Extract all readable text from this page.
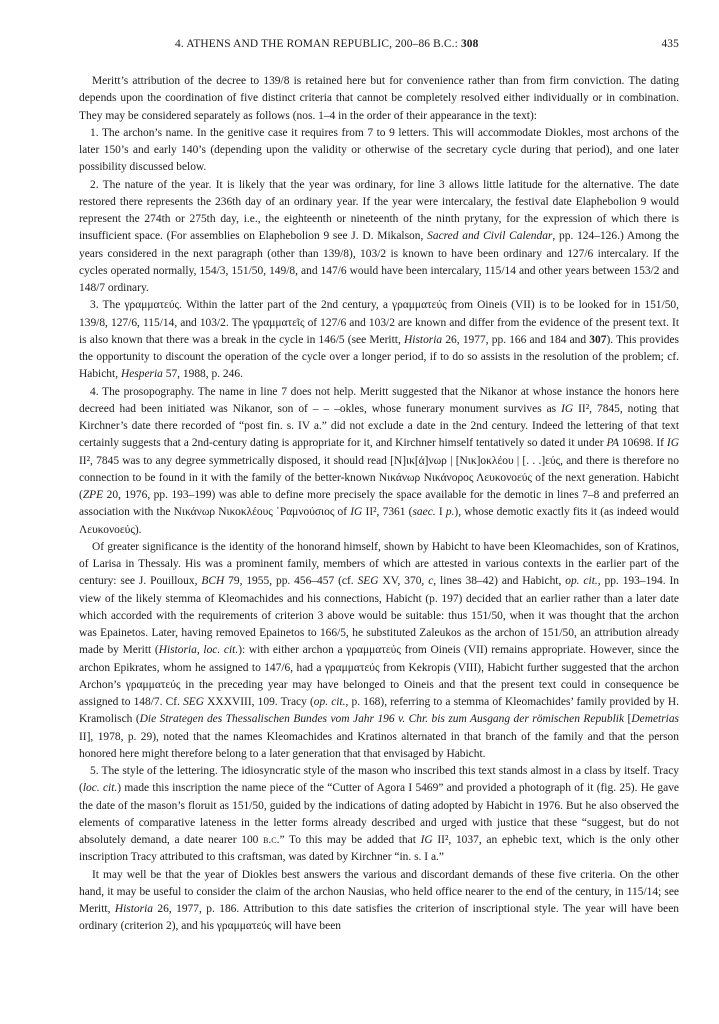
4. ATHENS AND THE ROMAN REPUBLIC, 200–86 B.C.: 308	435

Meritt’s attribution of the decree to 139/8 is retained here but for convenience rather than from firm conviction. The dating depends upon the coordination of five distinct criteria that cannot be completely resolved either individually or in combination. They may be considered separately as follows (nos. 1–4 in the order of their appearance in the text):

1. The archon’s name. In the genitive case it requires from 7 to 9 letters. This will accommodate Diokles, most archons of the later 150’s and early 140’s (depending upon the validity or otherwise of the secretary cycle during that period), and one later possibility discussed below.

2. The nature of the year. It is likely that the year was ordinary, for line 3 allows little latitude for the alternative. The date restored there represents the 236th day of an ordinary year. If the year were intercalary, the festival date Elaphebolion 9 would represent the 274th or 275th day, i.e., the eighteenth or nineteenth of the ninth prytany, for the expression of which there is insufficient space. (For assemblies on Elaphebolion 9 see J. D. Mikalson, Sacred and Civil Calendar, pp. 124–126.) Among the years considered in the next paragraph (other than 139/8), 103/2 is known to have been ordinary and 127/6 intercalary. If the cycles operated normally, 154/3, 151/50, 149/8, and 147/6 would have been intercalary, 115/14 and other years between 153/2 and 148/7 ordinary.

3. The γραμματεύς. Within the latter part of the 2nd century, a γραμματεύς from Oineis (VII) is to be looked for in 151/50, 139/8, 127/6, 115/14, and 103/2. The γραμματεῖς of 127/6 and 103/2 are known and differ from the evidence of the present text. It is also known that there was a break in the cycle in 146/5 (see Meritt, Historia 26, 1977, pp. 166 and 184 and 307). This provides the opportunity to discount the operation of the cycle over a longer period, if to do so assists in the resolution of the problem; cf. Habicht, Hesperia 57, 1988, p. 246.

4. The prosopography. The name in line 7 does not help. Meritt suggested that the Nikanor at whose instance the honors here decreed had been initiated was Nikanor, son of – – –okles, whose funerary monument survives as IG II², 7845, noting that Kirchner’s date there recorded of “post fin. s. IV a.” did not exclude a date in the 2nd century. Indeed the lettering of that text certainly suggests that a 2nd-century dating is appropriate for it, and Kirchner himself tentatively so dated it under PA 10698. If IG II², 7845 was to any degree symmetrically disposed, it should read [Ν]ικ[ά]νωρ | [Νικ]οκλέου | [. . .]εύς, and there is therefore no connection to be found in it with the family of the better-known Νικάνωρ Νικάνορος Λευκονοεύς of the next generation. Habicht (ZPE 20, 1976, pp. 193–199) was able to define more precisely the space available for the demotic in lines 7–8 and preferred an association with the Νικάνωρ Νικοκλέους ῾Ραμνούσιος of IG II², 7361 (saec. I p.), whose demotic exactly fits it (as indeed would Λευκονοεύς).

Of greater significance is the identity of the honorand himself, shown by Habicht to have been Kleomachides, son of Kratinos, of Larisa in Thessaly. His was a prominent family, members of which are attested in various contexts in the earlier part of the century: see J. Pouilloux, BCH 79, 1955, pp. 456–457 (cf. SEG XV, 370, c, lines 38–42) and Habicht, op. cit., pp. 193–194. In view of the likely stemma of Kleomachides and his connections, Habicht (p. 197) decided that an earlier rather than a later date which accorded with the requirements of criterion 3 above would be suitable: thus 151/50, when it was thought that the archon was Epainetos. Later, having removed Epainetos to 166/5, he substituted Zaleukos as the archon of 151/50, an attribution already made by Meritt (Historia, loc. cit.): with either archon a γραμματεύς from Oineis (VII) remains appropriate. However, since the archon Epikrates, whom he assigned to 147/6, had a γραμματεύς from Kekropis (VIII), Habicht further suggested that the archon Archon’s γραμματεύς in the preceding year may have belonged to Oineis and that the present text could in consequence be assigned to 148/7. Cf. SEG XXXVIII, 109. Tracy (op. cit., p. 168), referring to a stemma of Kleomachides’ family provided by H. Kramolisch (Die Strategen des Thessalischen Bundes vom Jahr 196 v. Chr. bis zum Ausgang der römischen Republik [Demetrias II], 1978, p. 29), noted that the names Kleomachides and Kratinos alternated in that branch of the family and that the person honored here might therefore belong to a later generation that that envisaged by Habicht.

5. The style of the lettering. The idiosyncratic style of the mason who inscribed this text stands almost in a class by itself. Tracy (loc. cit.) made this inscription the name piece of the “Cutter of Agora I 5469” and provided a photograph of it (fig. 25). He gave the date of the mason’s floruit as 151/50, guided by the indications of dating adopted by Habicht in 1976. But he also observed the elements of comparative lateness in the letter forms already described and urged with justice that these “suggest, but do not absolutely demand, a date nearer 100 b.c.” To this may be added that IG II², 1037, an ephebic text, which is the only other inscription Tracy attributed to this craftsman, was dated by Kirchner “in. s. I a.”

It may well be that the year of Diokles best answers the various and discordant demands of these five criteria. On the other hand, it may be useful to consider the claim of the archon Nausias, who held office nearer to the end of the century, in 115/14; see Meritt, Historia 26, 1977, p. 186. Attribution to this date satisfies the criterion of inscriptional style. The year will have been ordinary (criterion 2), and his γραμματεύς will have been
